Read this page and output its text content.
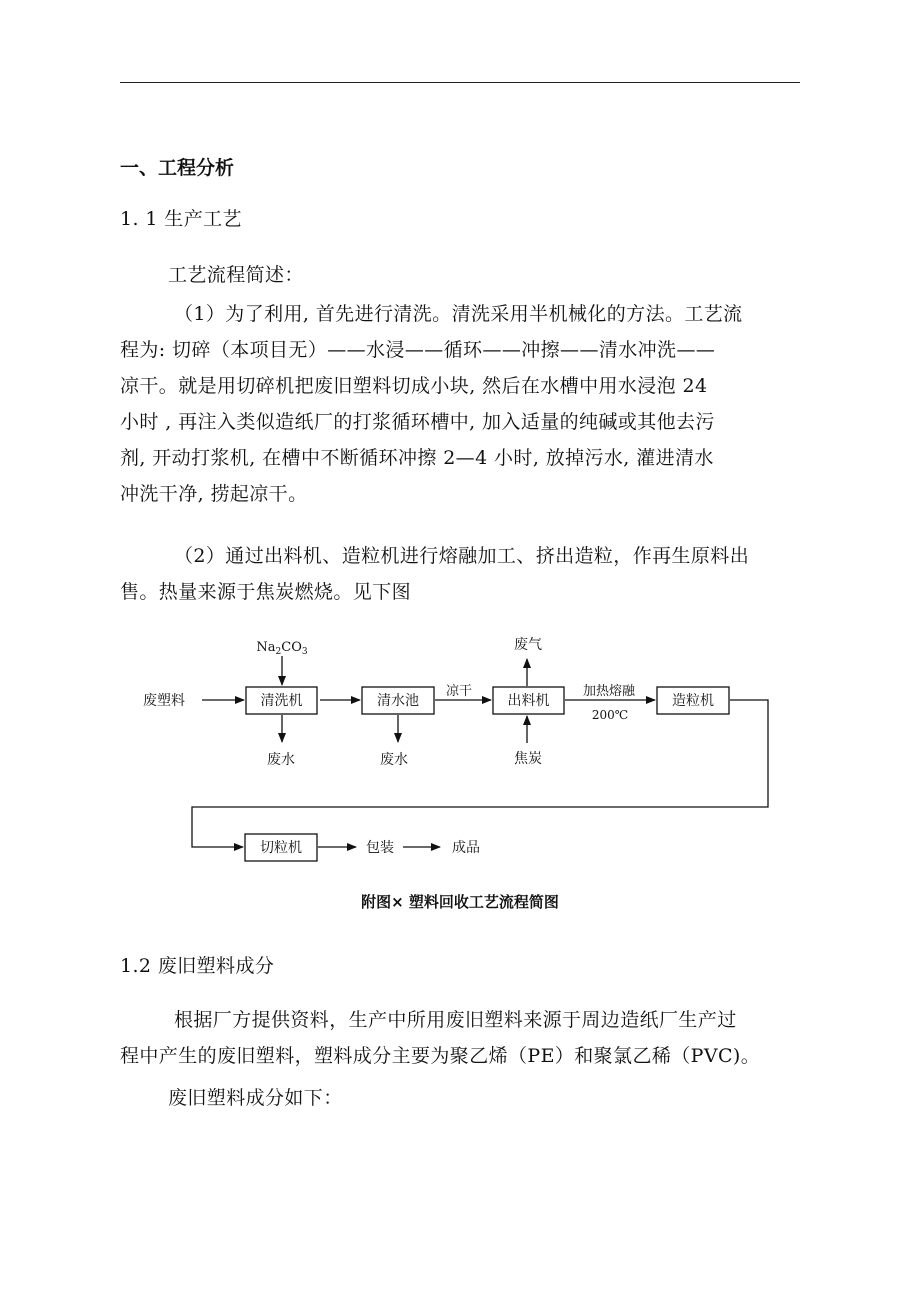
一、工程分析
1. 1 生产工艺
工艺流程简述：
（1）为了利用, 首先进行清洗。清洗采用半机械化的方法。工艺流
程为: 切碎（本项目无）——水浸——循环——冲擦——清水冲洗——
凉干。就是用切碎机把废旧塑料切成小块, 然后在水槽中用水浸泡 24
小时 , 再注入类似造纸厂的打浆循环槽中, 加入适量的纯碱或其他去污
剂, 开动打浆机, 在槽中不断循环冲擦 2—4 小时, 放掉污水, 灌进清水
冲洗干净, 捞起凉干。
（2）通过出料机、造粒机进行熔融加工、挤出造粒，作再生原料出
售。热量来源于焦炭燃烧。见下图
废塑料
$Na_2CO_3$
清洗机	清水池
凉干
出料机
废气
焦炭
加热熔融
200℃
造粒机
废水	废水
切粒机	包装	成品
附图× 塑料回收工艺流程简图
1.2 废旧塑料成分
根据厂方提供资料，生产中所用废旧塑料来源于周边造纸厂生产过
程中产生的废旧塑料，塑料成分主要为聚乙烯（PE）和聚氯乙稀（PVC)。
废旧塑料成分如下：
